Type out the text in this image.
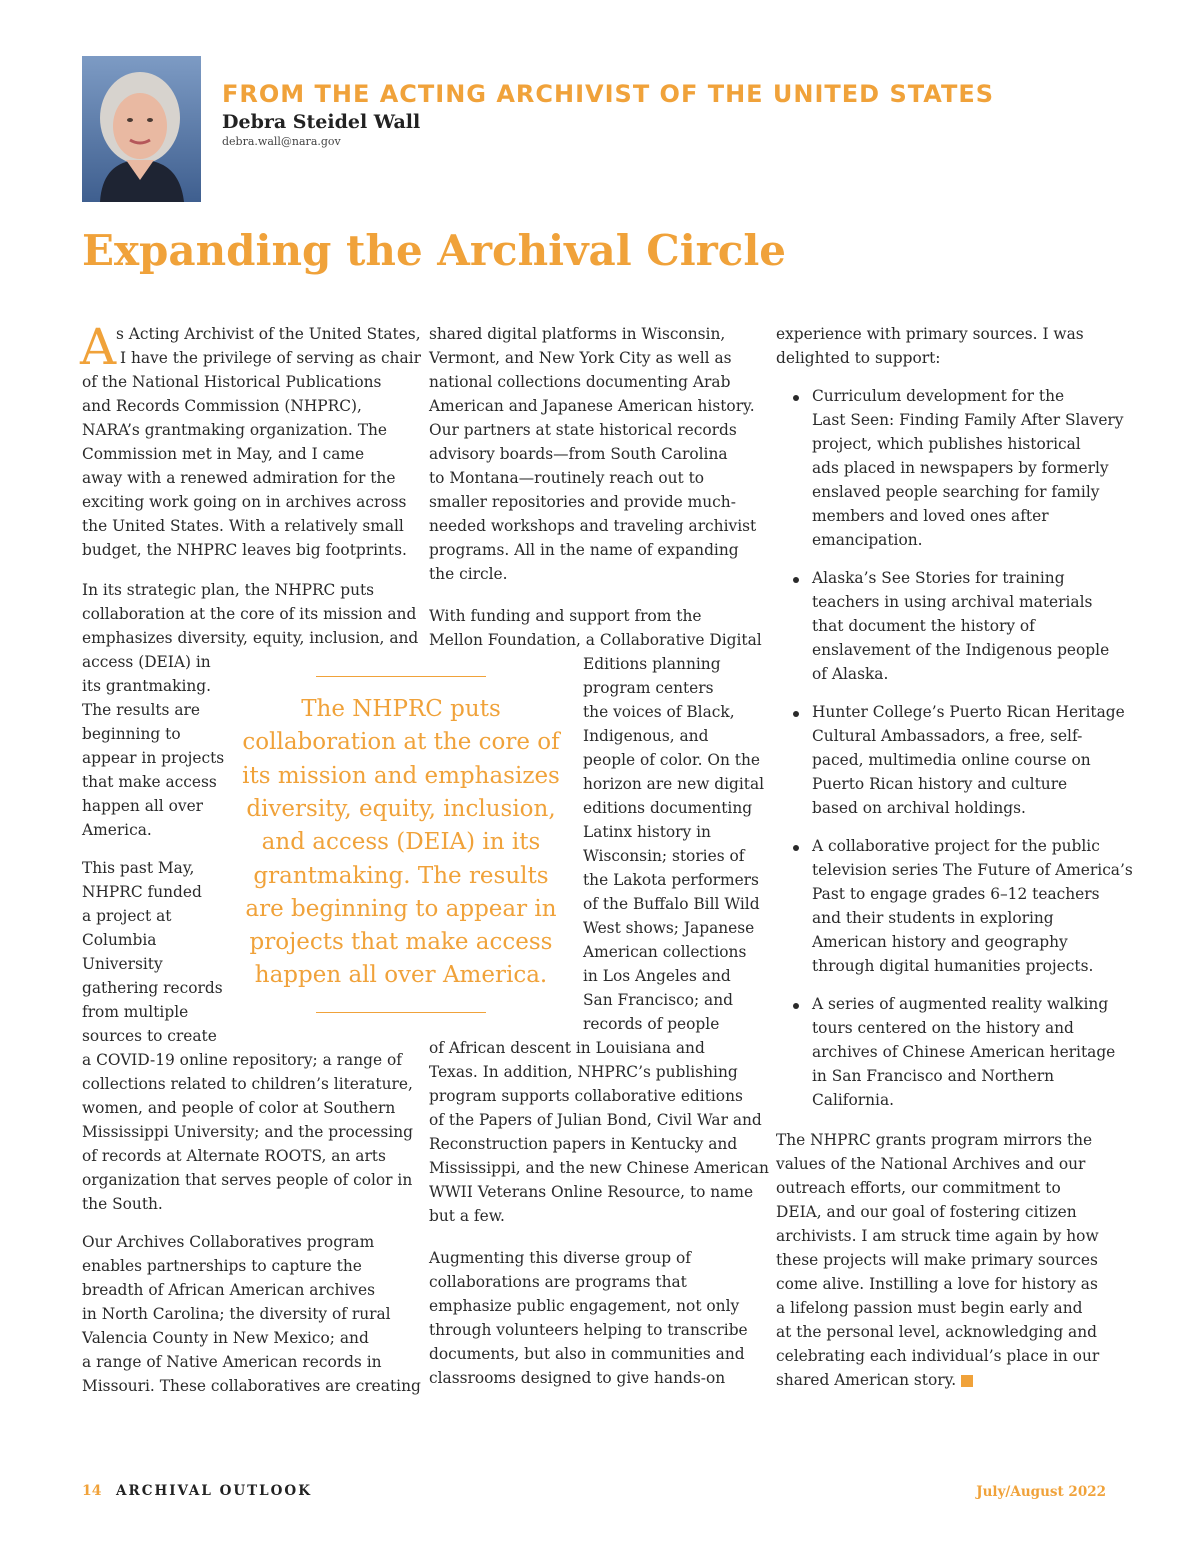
FROM THE ACTING ARCHIVIST OF THE UNITED STATES
Debra Steidel Wall
debra.wall@nara.gov
Expanding the Archival Circle
A s Acting Archivist of the United States,
I have the privilege of serving as chair
of the National Historical Publications
and Records Commission (NHPRC),
NARA’s grantmaking organization. The
Commission met in May, and I came
away with a renewed admiration for the
exciting work going on in archives across
the United States. With a relatively small
budget, the NHPRC leaves big footprints.
In its strategic plan, the NHPRC puts
collaboration at the core of its mission and
emphasizes diversity, equity, inclusion, and
access (DEIA) in
its grantmaking.
The results are
beginning to
appear in projects
that make access
happen all over
America.
This past May,
NHPRC funded
a project at
Columbia
University
gathering records
from multiple
sources to create
a COVID-19 online repository; a range of
collections related to children’s literature,
women, and people of color at Southern
Mississippi University; and the processing
of records at Alternate ROOTS, an arts
organization that serves people of color in
the South.
Our Archives Collaboratives program
enables partnerships to capture the
breadth of African American archives
in North Carolina; the diversity of rural
Valencia County in New Mexico; and
a range of Native American records in
Missouri. These collaboratives are creating
shared digital platforms in Wisconsin,
Vermont, and New York City as well as
national collections documenting Arab
American and Japanese American history.
Our partners at state historical records
advisory boards—from South Carolina
to Montana—routinely reach out to
smaller repositories and provide much-
needed workshops and traveling archivist
programs. All in the name of expanding
the circle.
With funding and support from the
Mellon Foundation, a Collaborative Digital
Editions planning
program centers
the voices of Black,
Indigenous, and
people of color. On the
horizon are new digital
editions documenting
Latinx history in
Wisconsin; stories of
the Lakota performers
of the Buffalo Bill Wild
West shows; Japanese
American collections
in Los Angeles and
San Francisco; and
records of people
of African descent in Louisiana and
Texas. In addition, NHPRC’s publishing
program supports collaborative editions
of the Papers of Julian Bond, Civil War and
Reconstruction papers in Kentucky and
Mississippi, and the new Chinese American
WWII Veterans Online Resource, to name
but a few.
Augmenting this diverse group of
collaborations are programs that
emphasize public engagement, not only
through volunteers helping to transcribe
documents, but also in communities and
classrooms designed to give hands-on
experience with primary sources. I was
delighted to support:
Curriculum development for the
Last Seen: Finding Family After Slavery
project, which publishes historical
ads placed in newspapers by formerly
enslaved people searching for family
members and loved ones after
emancipation.
Alaska’s See Stories for training
teachers in using archival materials
that document the history of
enslavement of the Indigenous people
of Alaska.
Hunter College’s Puerto Rican Heritage
Cultural Ambassadors, a free, self-
paced, multimedia online course on
Puerto Rican history and culture
based on archival holdings.
A collaborative project for the public
television series The Future of America’s
Past to engage grades 6–12 teachers
and their students in exploring
American history and geography
through digital humanities projects.
A series of augmented reality walking
tours centered on the history and
archives of Chinese American heritage
in San Francisco and Northern
California.
The NHPRC grants program mirrors the
values of the National Archives and our
outreach efforts, our commitment to
DEIA, and our goal of fostering citizen
archivists. I am struck time again by how
these projects will make primary sources
come alive. Instilling a love for history as
a lifelong passion must begin early and
at the personal level, acknowledging and
celebrating each individual’s place in our
shared American story.
The NHPRC puts
collaboration at the core of
its mission and emphasizes
diversity, equity, inclusion,
and access (DEIA) in its
grantmaking. The results
are beginning to appear in
projects that make access
happen all over America.
14 ARCHIVAL OUTLOOK	July/August 2022
